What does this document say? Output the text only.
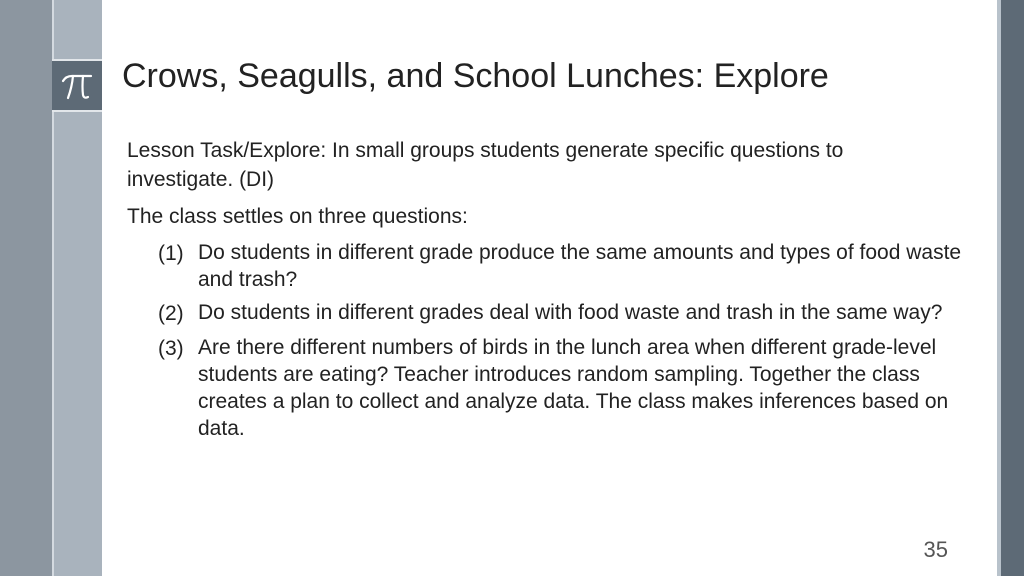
Crows, Seagulls, and School Lunches: Explore

Lesson Task/Explore: In small groups students generate specific questions to investigate. (DI)

The class settles on three questions:

(1) Do students in different grade produce the same amounts and types of food waste and trash?
(2) Do students in different grades deal with food waste and trash in the same way?
(3) Are there different numbers of birds in the lunch area when different grade-level students are eating? Teacher introduces random sampling. Together the class creates a plan to collect and analyze data. The class makes inferences based on data.
35
